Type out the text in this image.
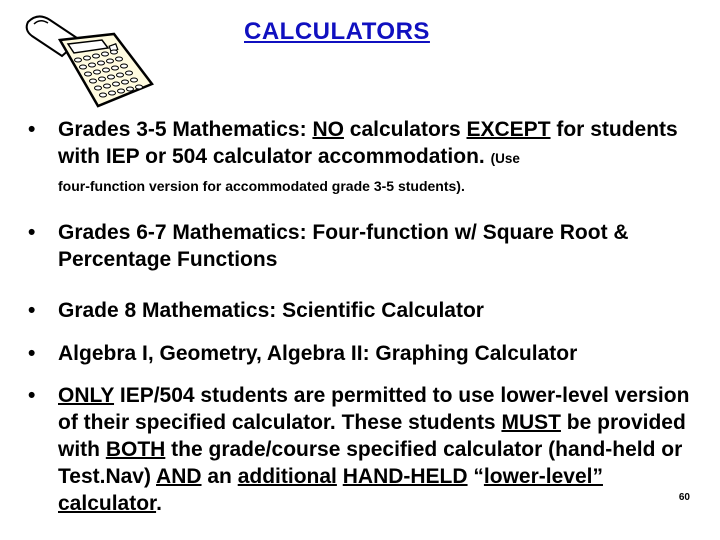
CALCULATORS
• Grades 3-5 Mathematics: NO calculators EXCEPT for students with IEP or 504 calculator accommodation. (Use
four-function version for accommodated grade 3-5 students).
• Grades 6-7 Mathematics: Four-function w/ Square Root & Percentage Functions
• Grade 8 Mathematics: Scientific Calculator
• Algebra I, Geometry, Algebra II: Graphing Calculator
• ONLY IEP/504 students are permitted to use lower-level version of their specified calculator. These students MUST be provided with BOTH the grade/course specified calculator (hand-held or Test.Nav) AND an additional HAND-HELD “lower-level” calculator.	60
